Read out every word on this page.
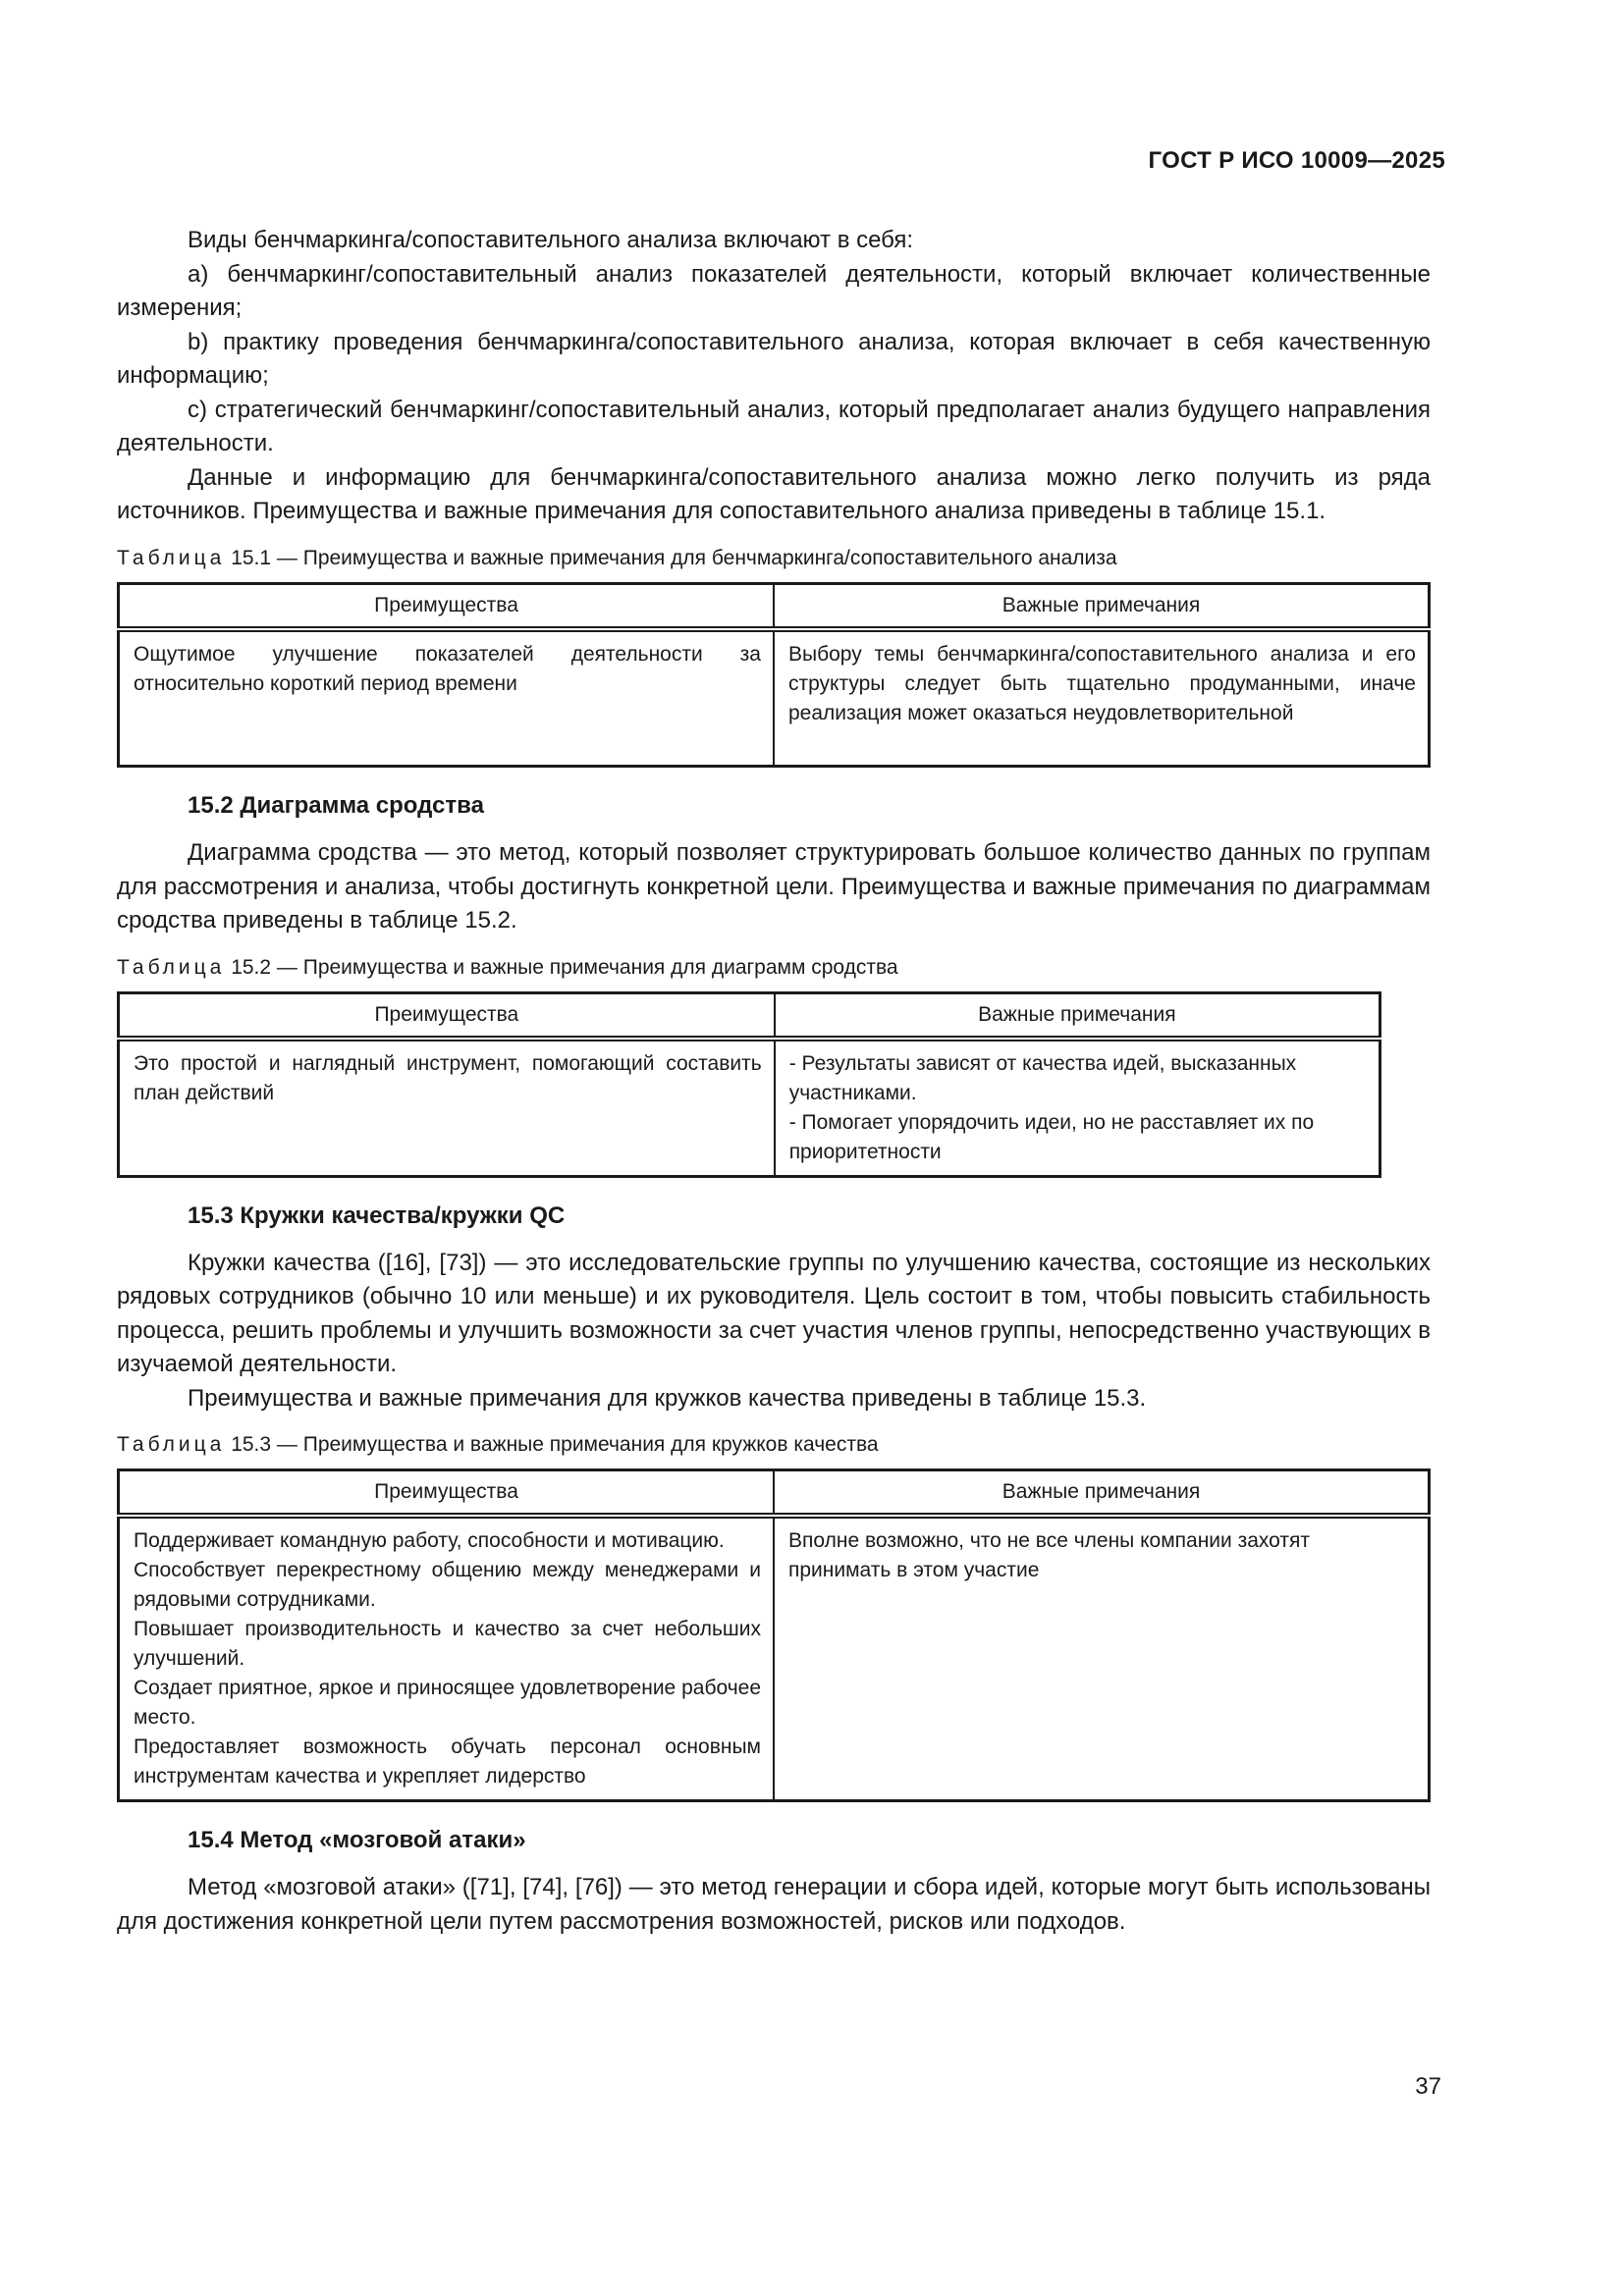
ГОСТ Р ИСО 10009—2025

Виды бенчмаркинга/сопоставительного анализа включают в себя:

а) бенчмаркинг/сопоставительный анализ показателей деятельности, который включает количественные измерения;

b) практику проведения бенчмаркинга/сопоставительного анализа, которая включает в себя качественную информацию;

с) стратегический бенчмаркинг/сопоставительный анализ, который предполагает анализ будущего направления деятельности.

Данные и информацию для бенчмаркинга/сопоставительного анализа можно легко получить из ряда источников. Преимущества и важные примечания для сопоставительного анализа приведены в таблице 15.1.

Таблица 15.1 — Преимущества и важные примечания для бенчмаркинга/сопоставительного анализа

Преимущества	Важные примечания

Ощутимое улучшение показателей деятельности за относительно короткий период времени	Выбору темы бенчмаркинга/сопоставительного анализа и его структуры следует быть тщательно продуманными, иначе реализация может оказаться неудовлетворительной
15.2 Диаграмма сродства

Диаграмма сродства — это метод, который позволяет структурировать большое количество данных по группам для рассмотрения и анализа, чтобы достигнуть конкретной цели. Преимущества и важные примечания по диаграммам сродства приведены в таблице 15.2.

Таблица 15.2 — Преимущества и важные примечания для диаграмм сродства

Преимущества	Важные примечания

Это простой и наглядный инструмент, помогающий составить план действий	- Результаты зависят от качества идей, высказанных участниками.
- Помогает упорядочить идеи, но не расставляет их по приоритетности
15.3 Кружки качества/кружки QC

Кружки качества ([16], [73]) — это исследовательские группы по улучшению качества, состоящие из нескольких рядовых сотрудников (обычно 10 или меньше) и их руководителя. Цель состоит в том, чтобы повысить стабильность процесса, решить проблемы и улучшить возможности за счет участия членов группы, непосредственно участвующих в изучаемой деятельности.

Преимущества и важные примечания для кружков качества приведены в таблице 15.3.

Таблица 15.3 — Преимущества и важные примечания для кружков качества

Преимущества	Важные примечания

Поддерживает командную работу, способности и мотивацию.
Способствует перекрестному общению между менеджерами и рядовыми сотрудниками.
Повышает производительность и качество за счет небольших улучшений.
Создает приятное, яркое и приносящее удовлетворение рабочее место.
Предоставляет возможность обучать персонал основным инструментам качества и укрепляет лидерство	Вполне возможно, что не все члены компании захотят принимать в этом участие
15.4 Метод «мозговой атаки»

Метод «мозговой атаки» ([71], [74], [76]) — это метод генерации и сбора идей, которые могут быть использованы для достижения конкретной цели путем рассмотрения возможностей, рисков или подходов.

37
